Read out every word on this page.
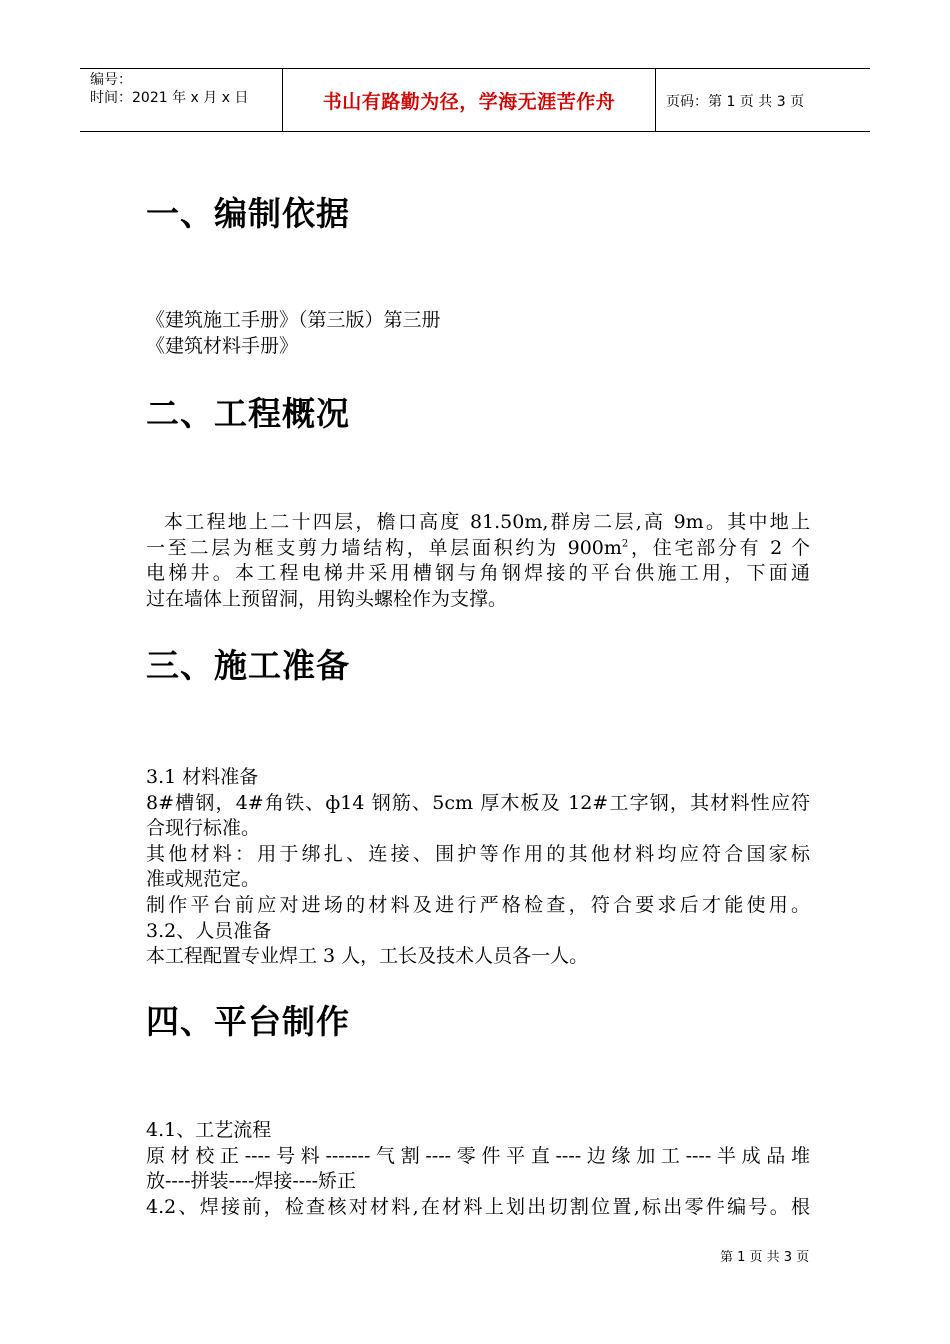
编号：
时间：2021 年 x 月 x 日	书山有路勤为径，学海无涯苦作舟	页码：第 1 页 共 3 页
一、编制依据
《建筑施工手册》（第三版）第三册
《建筑材料手册》
二、工程概况
本工程地上二十四层，檐口高度 81.50m,群房二层,高 9m。其中地上
一至二层为框支剪力墙结构，单层面积约为 $900m^2$，住宅部分有 2 个
电梯井。本工程电梯井采用槽钢与角钢焊接的平台供施工用，下面通
过在墙体上预留洞，用钩头螺栓作为支撑。
三、施工准备
3.1 材料准备
8#槽钢，4#角铁、ф14 钢筋、5cm 厚木板及 12#工字钢，其材料性应符
合现行标准。
其他材料：用于绑扎、连接、围护等作用的其他材料均应符合国家标
准或规范定。
制作平台前应对进场的材料及进行严格检查，符合要求后才能使用。
3.2、人员准备
本工程配置专业焊工 3 人，工长及技术人员各一人。
四、平台制作
4.1、工艺流程
原材校正----号料-------气割----零件平直----边缘加工----半成品堆
放----拼装----焊接----矫正
4.2、焊接前，检查核对材料,在材料上划出切割位置,标出零件编号。根
第 1 页 共 3 页
